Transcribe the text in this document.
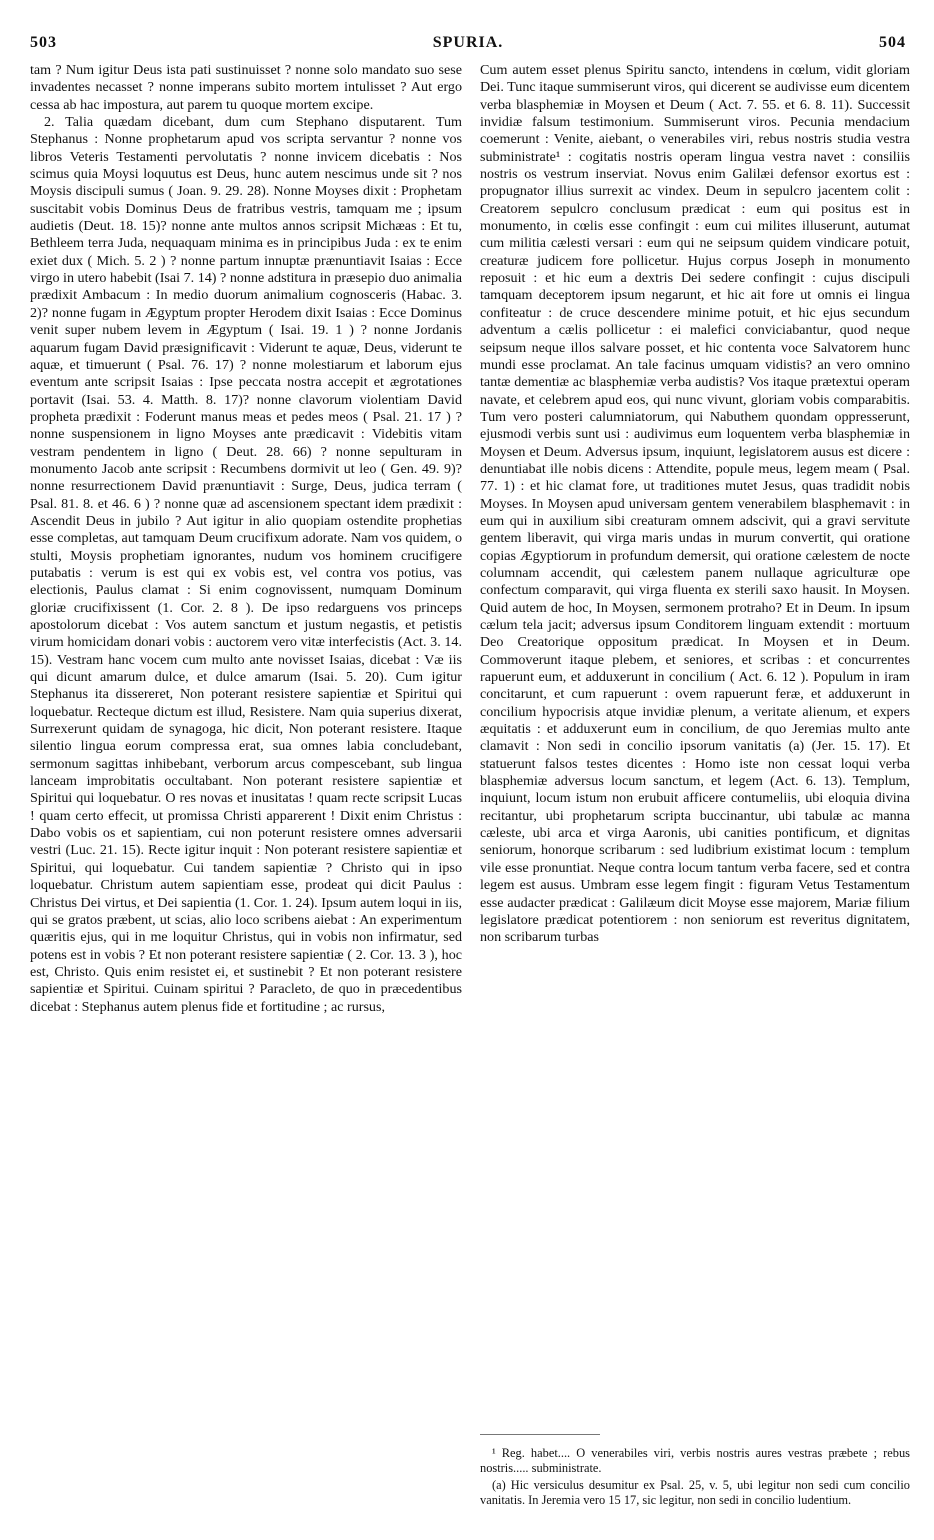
503	SPURIA.	504

tam ? Num igitur Deus ista pati sustinuisset ? nonne solo mandato suo sese invadentes necasset ? nonne imperans subito mortem intulisset ? Aut ergo cessa ab hac impostura, aut parem tu quoque mortem excipe.

2. Talia quædam dicebant, dum cum Stephano disputarent. Tum Stephanus : Nonne prophetarum apud vos scripta servantur ? nonne vos libros Veteris Testamenti pervolutatis ? nonne invicem dicebatis : Nos scimus quia Moysi loquutus est Deus, hunc autem nescimus unde sit ? nos Moysis discipuli sumus ( Joan. 9. 29. 28). Nonne Moyses dixit : Prophetam suscitabit vobis Dominus Deus de fratribus vestris, tamquam me ; ipsum audietis (Deut. 18. 15)? nonne ante multos annos scripsit Michæas : Et tu, Bethleem terra Juda, nequaquam minima es in principibus Juda : ex te enim exiet dux ( Mich. 5. 2 ) ? nonne partum innuptæ prænuntiavit Isaias : Ecce virgo in utero habebit (Isai 7. 14) ? nonne adstitura in præsepio duo animalia prædixit Ambacum : In medio duorum animalium cognosceris (Habac. 3. 2)? nonne fugam in Ægyptum propter Herodem dixit Isaias : Ecce Dominus venit super nubem levem in Ægyptum ( Isai. 19. 1 ) ? nonne Jordanis aquarum fugam David præsignificavit : Viderunt te aquæ, Deus, viderunt te aquæ, et timuerunt ( Psal. 76. 17) ? nonne molestiarum et laborum ejus eventum ante scripsit Isaias : Ipse peccata nostra accepit et ægrotationes portavit (Isai. 53. 4. Matth. 8. 17)? nonne clavorum violentiam David propheta prædixit : Foderunt manus meas et pedes meos ( Psal. 21. 17 ) ? nonne suspensionem in ligno Moyses ante prædicavit : Videbitis vitam vestram pendentem in ligno ( Deut. 28. 66) ? nonne sepulturam in monumento Jacob ante scripsit : Recumbens dormivit ut leo ( Gen. 49. 9)? nonne resurrectionem David prænuntiavit : Surge, Deus, judica terram ( Psal. 81. 8. et 46. 6 ) ? nonne quæ ad ascensionem spectant idem prædixit : Ascendit Deus in jubilo ? Aut igitur in alio quopiam ostendite prophetias esse completas, aut tamquam Deum crucifixum adorate. Nam vos quidem, o stulti, Moysis prophetiam ignorantes, nudum vos hominem crucifigere putabatis : verum is est qui ex vobis est, vel contra vos potius, vas electionis, Paulus clamat : Si enim cognovissent, numquam Dominum gloriæ crucifixissent (1. Cor. 2. 8 ). De ipso redarguens vos princeps apostolorum dicebat : Vos autem sanctum et justum negastis, et petistis virum homicidam donari vobis : auctorem vero vitæ interfecistis (Act. 3. 14. 15). Vestram hanc vocem cum multo ante novisset Isaias, dicebat : Væ iis qui dicunt amarum dulce, et dulce amarum (Isai. 5. 20). Cum igitur Stephanus ita dissereret, Non poterant resistere sapientiæ et Spiritui qui loquebatur. Recteque dictum est illud, Resistere. Nam quia superius dixerat, Surrexerunt quidam de synagoga, hic dicit, Non poterant resistere. Itaque silentio lingua eorum compressa erat, sua omnes labia concludebant, sermonum sagittas inhibebant, verborum arcus compescebant, sub lingua lanceam improbitatis occultabant. Non poterant resistere sapientiæ et Spiritui qui loquebatur. O res novas et inusitatas ! quam recte scripsit Lucas ! quam certo effecit, ut promissa Christi apparerent ! Dixit enim Christus : Dabo vobis os et sapientiam, cui non poterunt resistere omnes adversarii vestri (Luc. 21. 15). Recte igitur inquit : Non poterant resistere sapientiæ et Spiritui, qui loquebatur. Cui tandem sapientiæ ? Christo qui in ipso loquebatur. Christum autem sapientiam esse, prodeat qui dicit Paulus : Christus Dei virtus, et Dei sapientia (1. Cor. 1. 24). Ipsum autem loqui in iis, qui se gratos præbent, ut scias, alio loco scribens aiebat : An experimentum quæritis ejus, qui in me loquitur Christus, qui in vobis non infirmatur, sed potens est in vobis ? Et non poterant resistere sapientiæ ( 2. Cor. 13. 3 ), hoc est, Christo. Quis enim resistet ei, et sustinebit ? Et non poterant resistere sapientiæ et Spiritui. Cuinam spiritui ? Paracleto, de quo in præcedentibus dicebat : Stephanus autem plenus fide et fortitudine ; ac rursus,

Cum autem esset plenus Spiritu sancto, intendens in cœlum, vidit gloriam Dei. Tunc itaque summiserunt viros, qui dicerent se audivisse eum dicentem verba blasphemiæ in Moysen et Deum ( Act. 7. 55. et 6. 8. 11). Successit invidiæ falsum testimonium. Summiserunt viros. Pecunia mendacium coemerunt : Venite, aiebant, o venerabiles viri, rebus nostris studia vestra subministrate¹ : cogitatis nostris operam lingua vestra navet : consiliis nostris os vestrum inserviat. Novus enim Galilæi defensor exortus est : propugnator illius surrexit ac vindex. Deum in sepulcro jacentem colit : Creatorem sepulcro conclusum prædicat : eum qui positus est in monumento, in cœlis esse confingit : eum cui milites illuserunt, autumat cum militia cælesti versari : eum qui ne seipsum quidem vindicare potuit, creaturæ judicem fore pollicetur. Hujus corpus Joseph in monumento reposuit : et hic eum a dextris Dei sedere confingit : cujus discipuli tamquam deceptorem ipsum negarunt, et hic ait fore ut omnis ei lingua confiteatur : de cruce descendere minime potuit, et hic ejus secundum adventum a cælis pollicetur : ei malefici conviciabantur, quod neque seipsum neque illos salvare posset, et hic contenta voce Salvatorem hunc mundi esse proclamat. An tale facinus umquam vidistis? an vero omnino tantæ dementiæ ac blasphemiæ verba audistis? Vos itaque prætextui operam navate, et celebrem apud eos, qui nunc vivunt, gloriam vobis comparabitis. Tum vero posteri calumniatorum, qui Nabuthem quondam oppresserunt, ejusmodi verbis sunt usi : audivimus eum loquentem verba blasphemiæ in Moysen et Deum. Adversus ipsum, inquiunt, legislatorem ausus est dicere : denuntiabat ille nobis dicens : Attendite, popule meus, legem meam ( Psal. 77. 1) : et hic clamat fore, ut traditiones mutet Jesus, quas tradidit nobis Moyses. In Moysen apud universam gentem venerabilem blasphemavit : in eum qui in auxilium sibi creaturam omnem adscivit, qui a gravi servitute gentem liberavit, qui virga maris undas in murum convertit, qui oratione copias Ægyptiorum in profundum demersit, qui oratione cælestem de nocte columnam accendit, qui cælestem panem nullaque agriculturæ ope confectum comparavit, qui virga fluenta ex sterili saxo hausit. In Moysen. Quid autem de hoc, In Moysen, sermonem protraho? Et in Deum. In ipsum cælum tela jacit; adversus ipsum Conditorem linguam extendit : mortuum Deo Creatorique oppositum prædicat. In Moysen et in Deum. Commoverunt itaque plebem, et seniores, et scribas : et concurrentes rapuerunt eum, et adduxerunt in concilium ( Act. 6. 12 ). Populum in iram concitarunt, et cum rapuerunt : ovem rapuerunt feræ, et adduxerunt in concilium hypocrisis atque invidiæ plenum, a veritate alienum, et expers æquitatis : et adduxerunt eum in concilium, de quo Jeremias multo ante clamavit : Non sedi in concilio ipsorum vanitatis (a) (Jer. 15. 17). Et statuerunt falsos testes dicentes : Homo iste non cessat loqui verba blasphemiæ adversus locum sanctum, et legem (Act. 6. 13). Templum, inquiunt, locum istum non erubuit afficere contumeliis, ubi eloquia divina recitantur, ubi prophetarum scripta buccinantur, ubi tabulæ ac manna cæleste, ubi arca et virga Aaronis, ubi canities pontificum, et dignitas seniorum, honorque scribarum : sed ludibrium existimat locum : templum vile esse pronuntiat. Neque contra locum tantum verba facere, sed et contra legem est ausus. Umbram esse legem fingit : figuram Vetus Testamentum esse audacter prædicat : Galilæum dicit Moyse esse majorem, Mariæ filium legislatore prædicat potentiorem : non seniorum est reveritus dignitatem, non scribarum turbas

¹ Reg. habet.... O venerabiles viri, verbis nostris aures vestras præbete ; rebus nostris..... subministrate.

(a) Hic versiculus desumitur ex Psal. 25, v. 5, ubi legitur non sedi cum concilio vanitatis. In Jeremia vero 15 17, sic legitur, non sedi in concilio ludentium.
